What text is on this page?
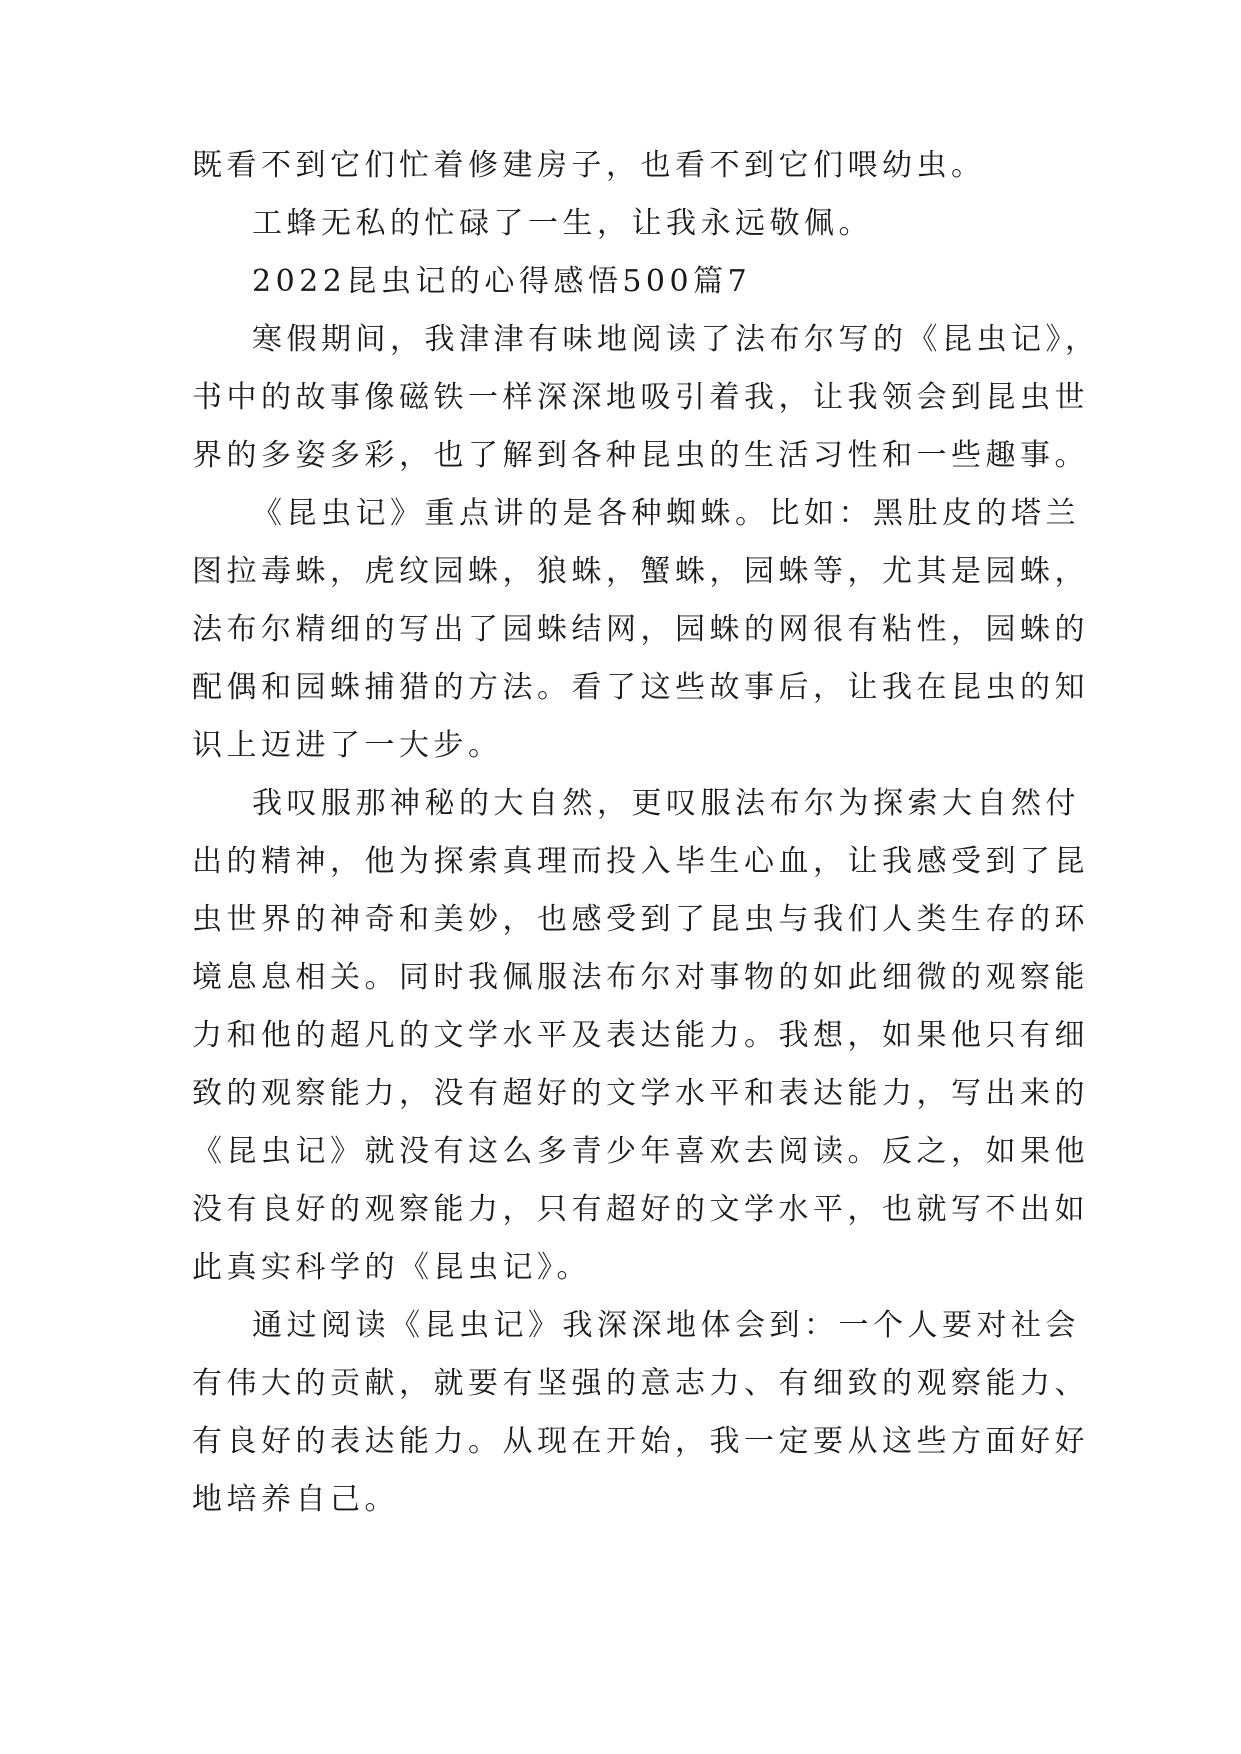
既看不到它们忙着修建房子，也看不到它们喂幼虫。
工蜂无私的忙碌了一生，让我永远敬佩。
2022昆虫记的心得感悟500篇7
寒假期间，我津津有味地阅读了法布尔写的《昆虫记》，
书中的故事像磁铁一样深深地吸引着我，让我领会到昆虫世
界的多姿多彩，也了解到各种昆虫的生活习性和一些趣事。
《昆虫记》重点讲的是各种蜘蛛。比如：黑肚皮的塔兰
图拉毒蛛，虎纹园蛛，狼蛛，蟹蛛，园蛛等，尤其是园蛛，
法布尔精细的写出了园蛛结网，园蛛的网很有粘性，园蛛的
配偶和园蛛捕猎的方法。看了这些故事后，让我在昆虫的知
识上迈进了一大步。
我叹服那神秘的大自然，更叹服法布尔为探索大自然付
出的精神，他为探索真理而投入毕生心血，让我感受到了昆
虫世界的神奇和美妙，也感受到了昆虫与我们人类生存的环
境息息相关。同时我佩服法布尔对事物的如此细微的观察能
力和他的超凡的文学水平及表达能力。我想，如果他只有细
致的观察能力，没有超好的文学水平和表达能力，写出来的
《昆虫记》就没有这么多青少年喜欢去阅读。反之，如果他
没有良好的观察能力，只有超好的文学水平，也就写不出如
此真实科学的《昆虫记》。
通过阅读《昆虫记》我深深地体会到：一个人要对社会
有伟大的贡献，就要有坚强的意志力、有细致的观察能力、
有良好的表达能力。从现在开始，我一定要从这些方面好好
地培养自己。
